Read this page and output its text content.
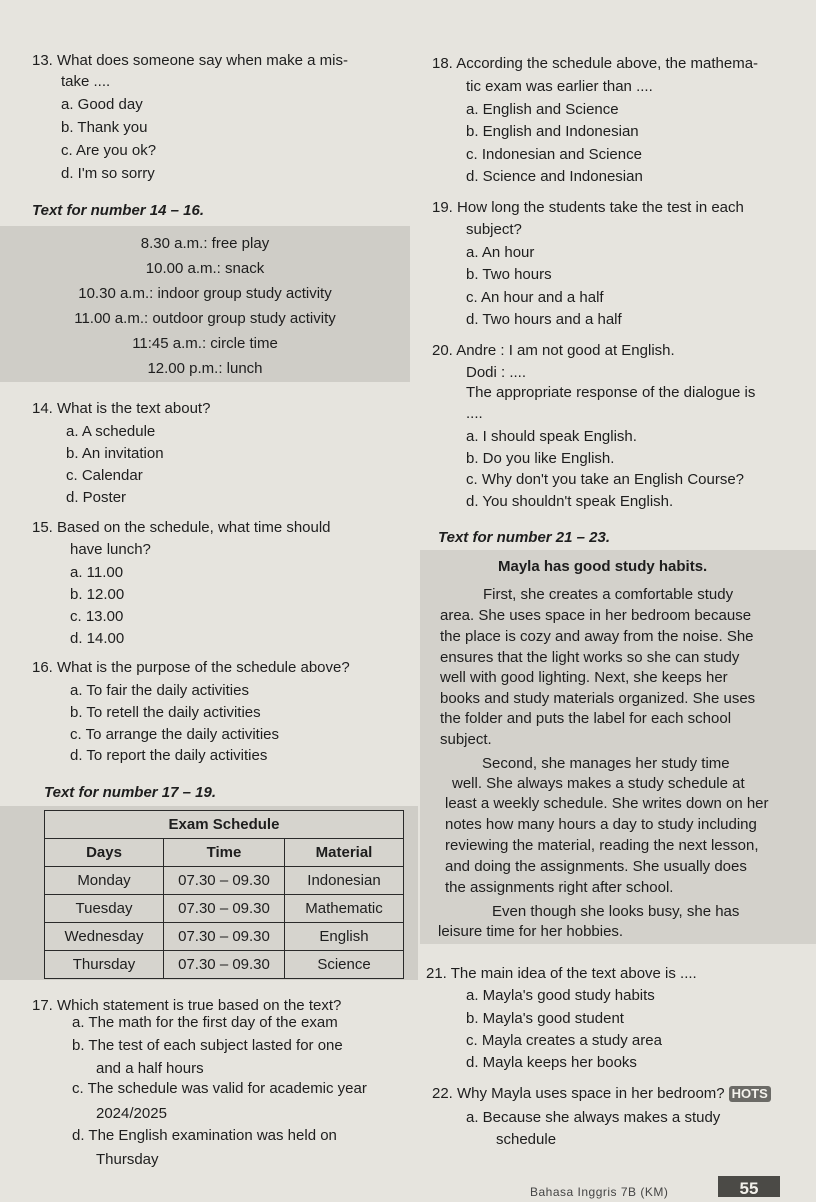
13. What does someone say when make a mis-
take ....
a. Good day
b. Thank you
c. Are you ok?
d. I'm so sorry
Text for number 14 – 16.
8.30 a.m.: free play
10.00 a.m.: snack
10.30 a.m.: indoor group study activity
11.00 a.m.: outdoor group study activity
11:45 a.m.: circle time
12.00 p.m.: lunch
14. What is the text about?
a. A schedule
b. An invitation
c. Calendar
d. Poster
15. Based on the schedule, what time should
have lunch?
a. 11.00
b. 12.00
c. 13.00
d. 14.00
16. What is the purpose of the schedule above?
a. To fair the daily activities
b. To retell the daily activities
c. To arrange the daily activities
d. To report the daily activities
Text for number 17 – 19.
Exam Schedule		
Days	Time	Material
Monday	07.30 – 09.30	Indonesian
Tuesday	07.30 – 09.30	Mathematic
Wednesday	07.30 – 09.30	English
Thursday	07.30 – 09.30	Science
17. Which statement is true based on the text?
a. The math for the first day of the exam
b. The test of each subject lasted for one
and a half hours
c. The schedule was valid for academic year
2024/2025
d. The English examination was held on
Thursday
18. According the schedule above, the mathema-
tic exam was earlier than ....
a. English and Science
b. English and Indonesian
c. Indonesian and Science
d. Science and Indonesian
19. How long the students take the test in each
subject?
a. An hour
b. Two hours
c. An hour and a half
d. Two hours and a half
20. Andre : I am not good at English.
Dodi : ....
The appropriate response of the dialogue is
....
a. I should speak English.
b. Do you like English.
c. Why don't you take an English Course?
d. You shouldn't speak English.
Text for number 21 – 23.
Mayla has good study habits.
First, she creates a comfortable study
area. She uses space in her bedroom because
the place is cozy and away from the noise. She
ensures that the light works so she can study
well with good lighting. Next, she keeps her
books and study materials organized. She uses
the folder and puts the label for each school
subject.
Second, she manages her study time
well. She always makes a study schedule at
least a weekly schedule. She writes down on her
notes how many hours a day to study including
reviewing the material, reading the next lesson,
and doing the assignments. She usually does
the assignments right after school.
Even though she looks busy, she has
leisure time for her hobbies.
21. The main idea of the text above is ....
a. Mayla's good study habits
b. Mayla's good student
c. Mayla creates a study area
d. Mayla keeps her books
22. Why Mayla uses space in her bedroom? HOTS
a. Because she always makes a study
schedule
Bahasa Inggris 7B (KM)	55
